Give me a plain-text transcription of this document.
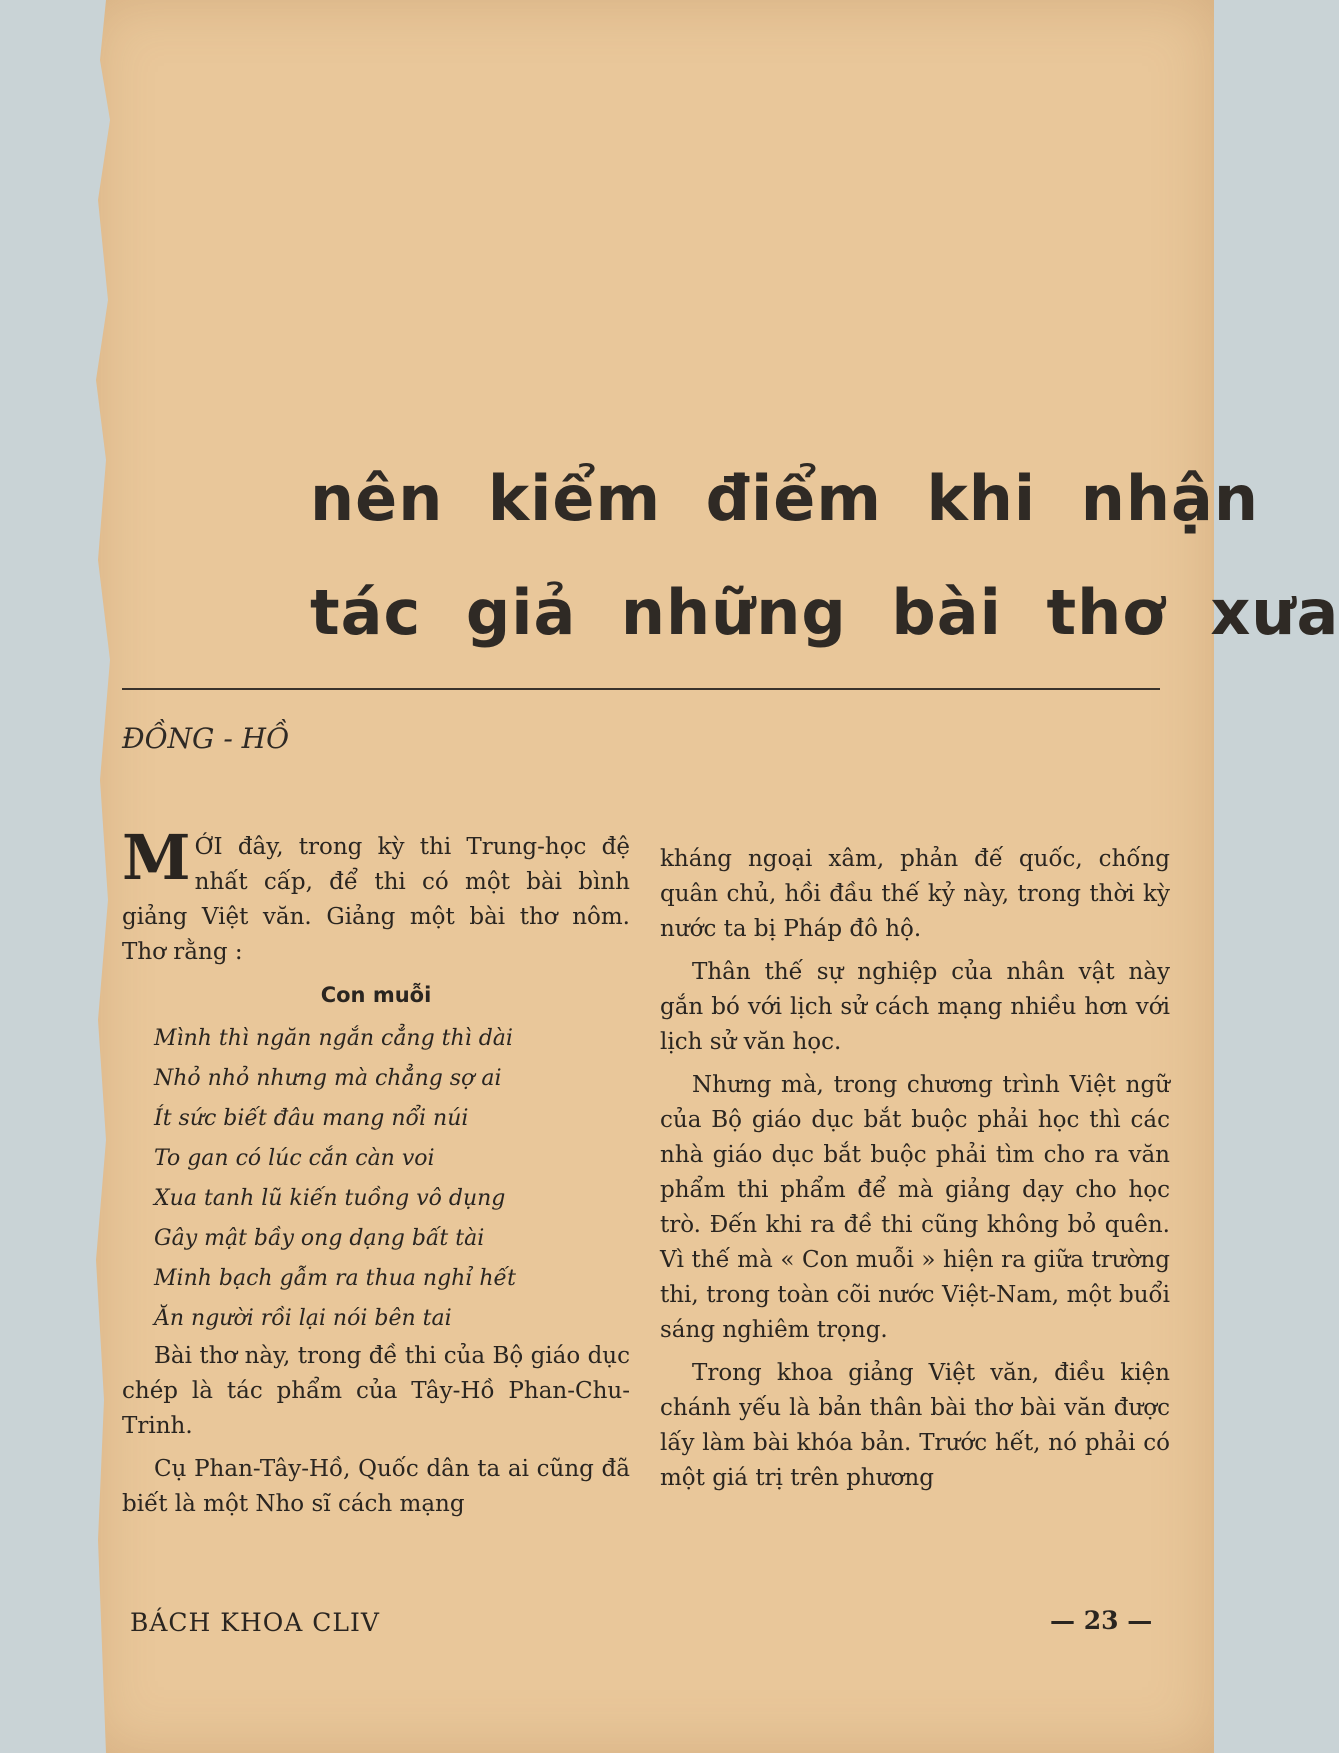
nên kiểm điểm khi nhận
tác giả những bài thơ xưa
ĐỒNG - HỒ

MỚI đây, trong kỳ thi Trung-học đệ nhất cấp, để thi có một bài bình giảng Việt văn. Giảng một bài thơ nôm. Thơ rằng :

Con muỗi
Mình thì ngăn ngắn cẳng thì dài
Nhỏ nhỏ nhưng mà chẳng sợ ai
Ít sức biết đâu mang nổi núi
To gan có lúc cắn càn voi
Xua tanh lũ kiến tuồng vô dụng
Gây mật bầy ong dạng bất tài
Minh bạch gẫm ra thua nghỉ hết
Ăn người rồi lại nói bên tai

Bài thơ này, trong đề thi của Bộ giáo dục chép là tác phẩm của Tây-Hồ Phan-Chu-Trinh.

Cụ Phan-Tây-Hồ, Quốc dân ta ai cũng đã biết là một Nho sĩ cách mạng

kháng ngoại xâm, phản đế quốc, chống quân chủ, hồi đầu thế kỷ này, trong thời kỳ nước ta bị Pháp đô hộ.

Thân thế sự nghiệp của nhân vật này gắn bó với lịch sử cách mạng nhiều hơn với lịch sử văn học.

Nhưng mà, trong chương trình Việt ngữ của Bộ giáo dục bắt buộc phải học thì các nhà giáo dục bắt buộc phải tìm cho ra văn phẩm thi phẩm để mà giảng dạy cho học trò. Đến khi ra đề thi cũng không bỏ quên. Vì thế mà « Con muỗi » hiện ra giữa trường thi, trong toàn cõi nước Việt-Nam, một buổi sáng nghiêm trọng.

Trong khoa giảng Việt văn, điều kiện chánh yếu là bản thân bài thơ bài văn được lấy làm bài khóa bản. Trước hết, nó phải có một giá trị trên phương

BÁCH KHOA CLIV	— 23 —
